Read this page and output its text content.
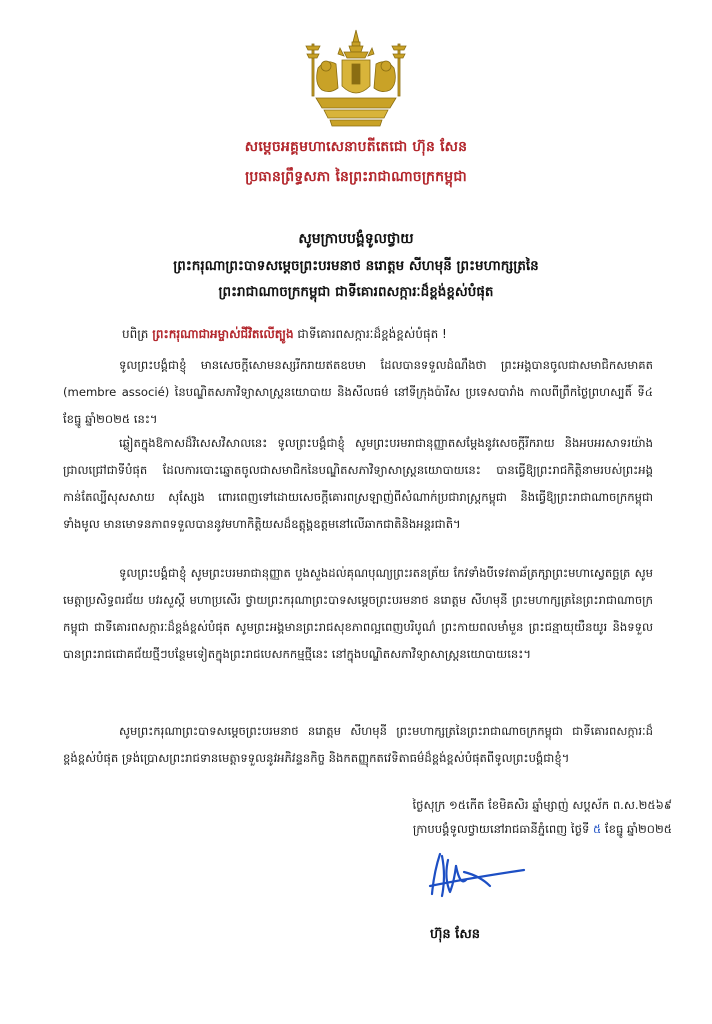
សម្ដេចអគ្គមហាសេនាបតីតេជោ ហ៊ុន សែន
ប្រធានព្រឹទ្ធសភា នៃព្រះរាជាណាចក្រកម្ពុជា
សូមក្រាបបង្គំទូលថ្វាយ
ព្រះករុណាព្រះបាទសម្តេចព្រះបរមនាថ នរោត្តម សីហមុនី ព្រះមហាក្សត្រនៃ
ព្រះរាជាណាចក្រកម្ពុជា ជាទីគោរពសក្ការៈដ៏ខ្ពង់ខ្ពស់បំផុត
បពិត្រ ព្រះករុណាជាអម្ចាស់ជីវិតលើត្បូង ជាទីគោរពសក្ការៈដ៏ខ្ពង់ខ្ពស់បំផុត !

ទូលព្រះបង្គំជាខ្ញុំ មានសេចក្តីសោមនស្សរីករាយឥតឧបមា ដែលបានទទួលដំណឹងថា ព្រះអង្គបានចូលជាសមាជិកសមាគត (membre associé) នៃបណ្ឌិតសភាវិទ្យាសាស្ត្រនយោបាយ និងសីលធម៌ នៅទីក្រុងប៉ារីស ប្រទេសបារាំង កាលពីព្រឹកថ្ងៃព្រហស្បតិ៍ ទី៤ ខែធ្នូ ឆ្នាំ២០២៥ នេះ។

ឆ្លៀតក្នុងឱកាសដ៏វិសេសវិសាលនេះ ទូលព្រះបង្គំជាខ្ញុំ សូមព្រះបរមរាជានុញ្ញាតសម្តែងនូវសេចក្តីរីករាយ និងអបអរសាទរយ៉ាងជ្រាលជ្រៅជាទីបំផុត ដែលការបោះឆ្នោតចូលជាសមាជិកនៃបណ្ឌិតសភាវិទ្យាសាស្ត្រនយោបាយនេះ បានធ្វើឱ្យព្រះរាជកិត្តិនាមរបស់ព្រះអង្គកាន់តែល្បីសុសសាយ សុស្សែង ពោរពេញទៅដោយសេចក្តីគោរពស្រឡាញ់ពីសំណាក់ប្រជារាស្ត្រកម្ពុជា និងធ្វើឱ្យព្រះរាជាណាចក្រកម្ពុជាទាំងមូល មានមោទនភាពទទួលបាននូវមហាកិត្តិយសដ៏ឧត្តុង្គឧត្តមនៅលើឆាកជាតិនិងអន្តរជាតិ។

ទូលព្រះបង្គំជាខ្ញុំ សូមព្រះបរមរាជានុញ្ញាត បួងសួងដល់គុណបុណ្យព្រះរតនត្រ័យ កែវទាំងបីទេវតាឆ័ត្រក្សាព្រះមហាស្វេតច្ឆត្រ សូមមេត្តាប្រសិទ្ធពរជ័យ បវរសួស្តី មហាប្រសើរ ថ្វាយព្រះករុណាព្រះបាទសម្តេចព្រះបរមនាថ នរោត្តម សីហមុនី ព្រះមហាក្សត្រនៃព្រះរាជាណាចក្រកម្ពុជា ជាទីគោរពសក្ការៈដ៏ខ្ពង់ខ្ពស់បំផុត សូមព្រះអង្គមានព្រះរាជសុខភាពល្អពេញបរិបូណ៌ ព្រះកាយពលមាំមួន ព្រះជន្មាយុយឺនយូរ និងទទួលបានព្រះរាជជោគជ័យថ្មីៗបន្ថែមទៀតក្នុងព្រះរាជបេសកកម្មថ្មីនេះ នៅក្នុងបណ្ឌិតសភាវិទ្យាសាស្ត្រនយោបាយនេះ។

សូមព្រះករុណាព្រះបាទសម្តេចព្រះបរមនាថ នរោត្តម សីហមុនី ព្រះមហាក្សត្រនៃព្រះរាជាណាចក្រកម្ពុជា ជាទីគោរពសក្ការៈដ៏ខ្ពង់ខ្ពស់បំផុត ទ្រង់ប្រោសព្រះរាជទានមេត្តាទទួលនូវអភិវន្ទនកិច្ច និងកតញ្ញុកតវេទិតាធម៌ដ៏ខ្ពង់ខ្ពស់បំផុតពីទូលព្រះបង្គំជាខ្ញុំ។

ថ្ងៃសុក្រ ១៥កើត ខែមិគសិរ ឆ្នាំម្សាញ់ សប្តស័ក ព.ស.២៥៦៩
ក្រាបបង្គំទូលថ្វាយនៅរាជធានីភ្នំពេញ ថ្ងៃទី ៥ ខែធ្នូ ឆ្នាំ២០២៥
ហ៊ុន សែន
